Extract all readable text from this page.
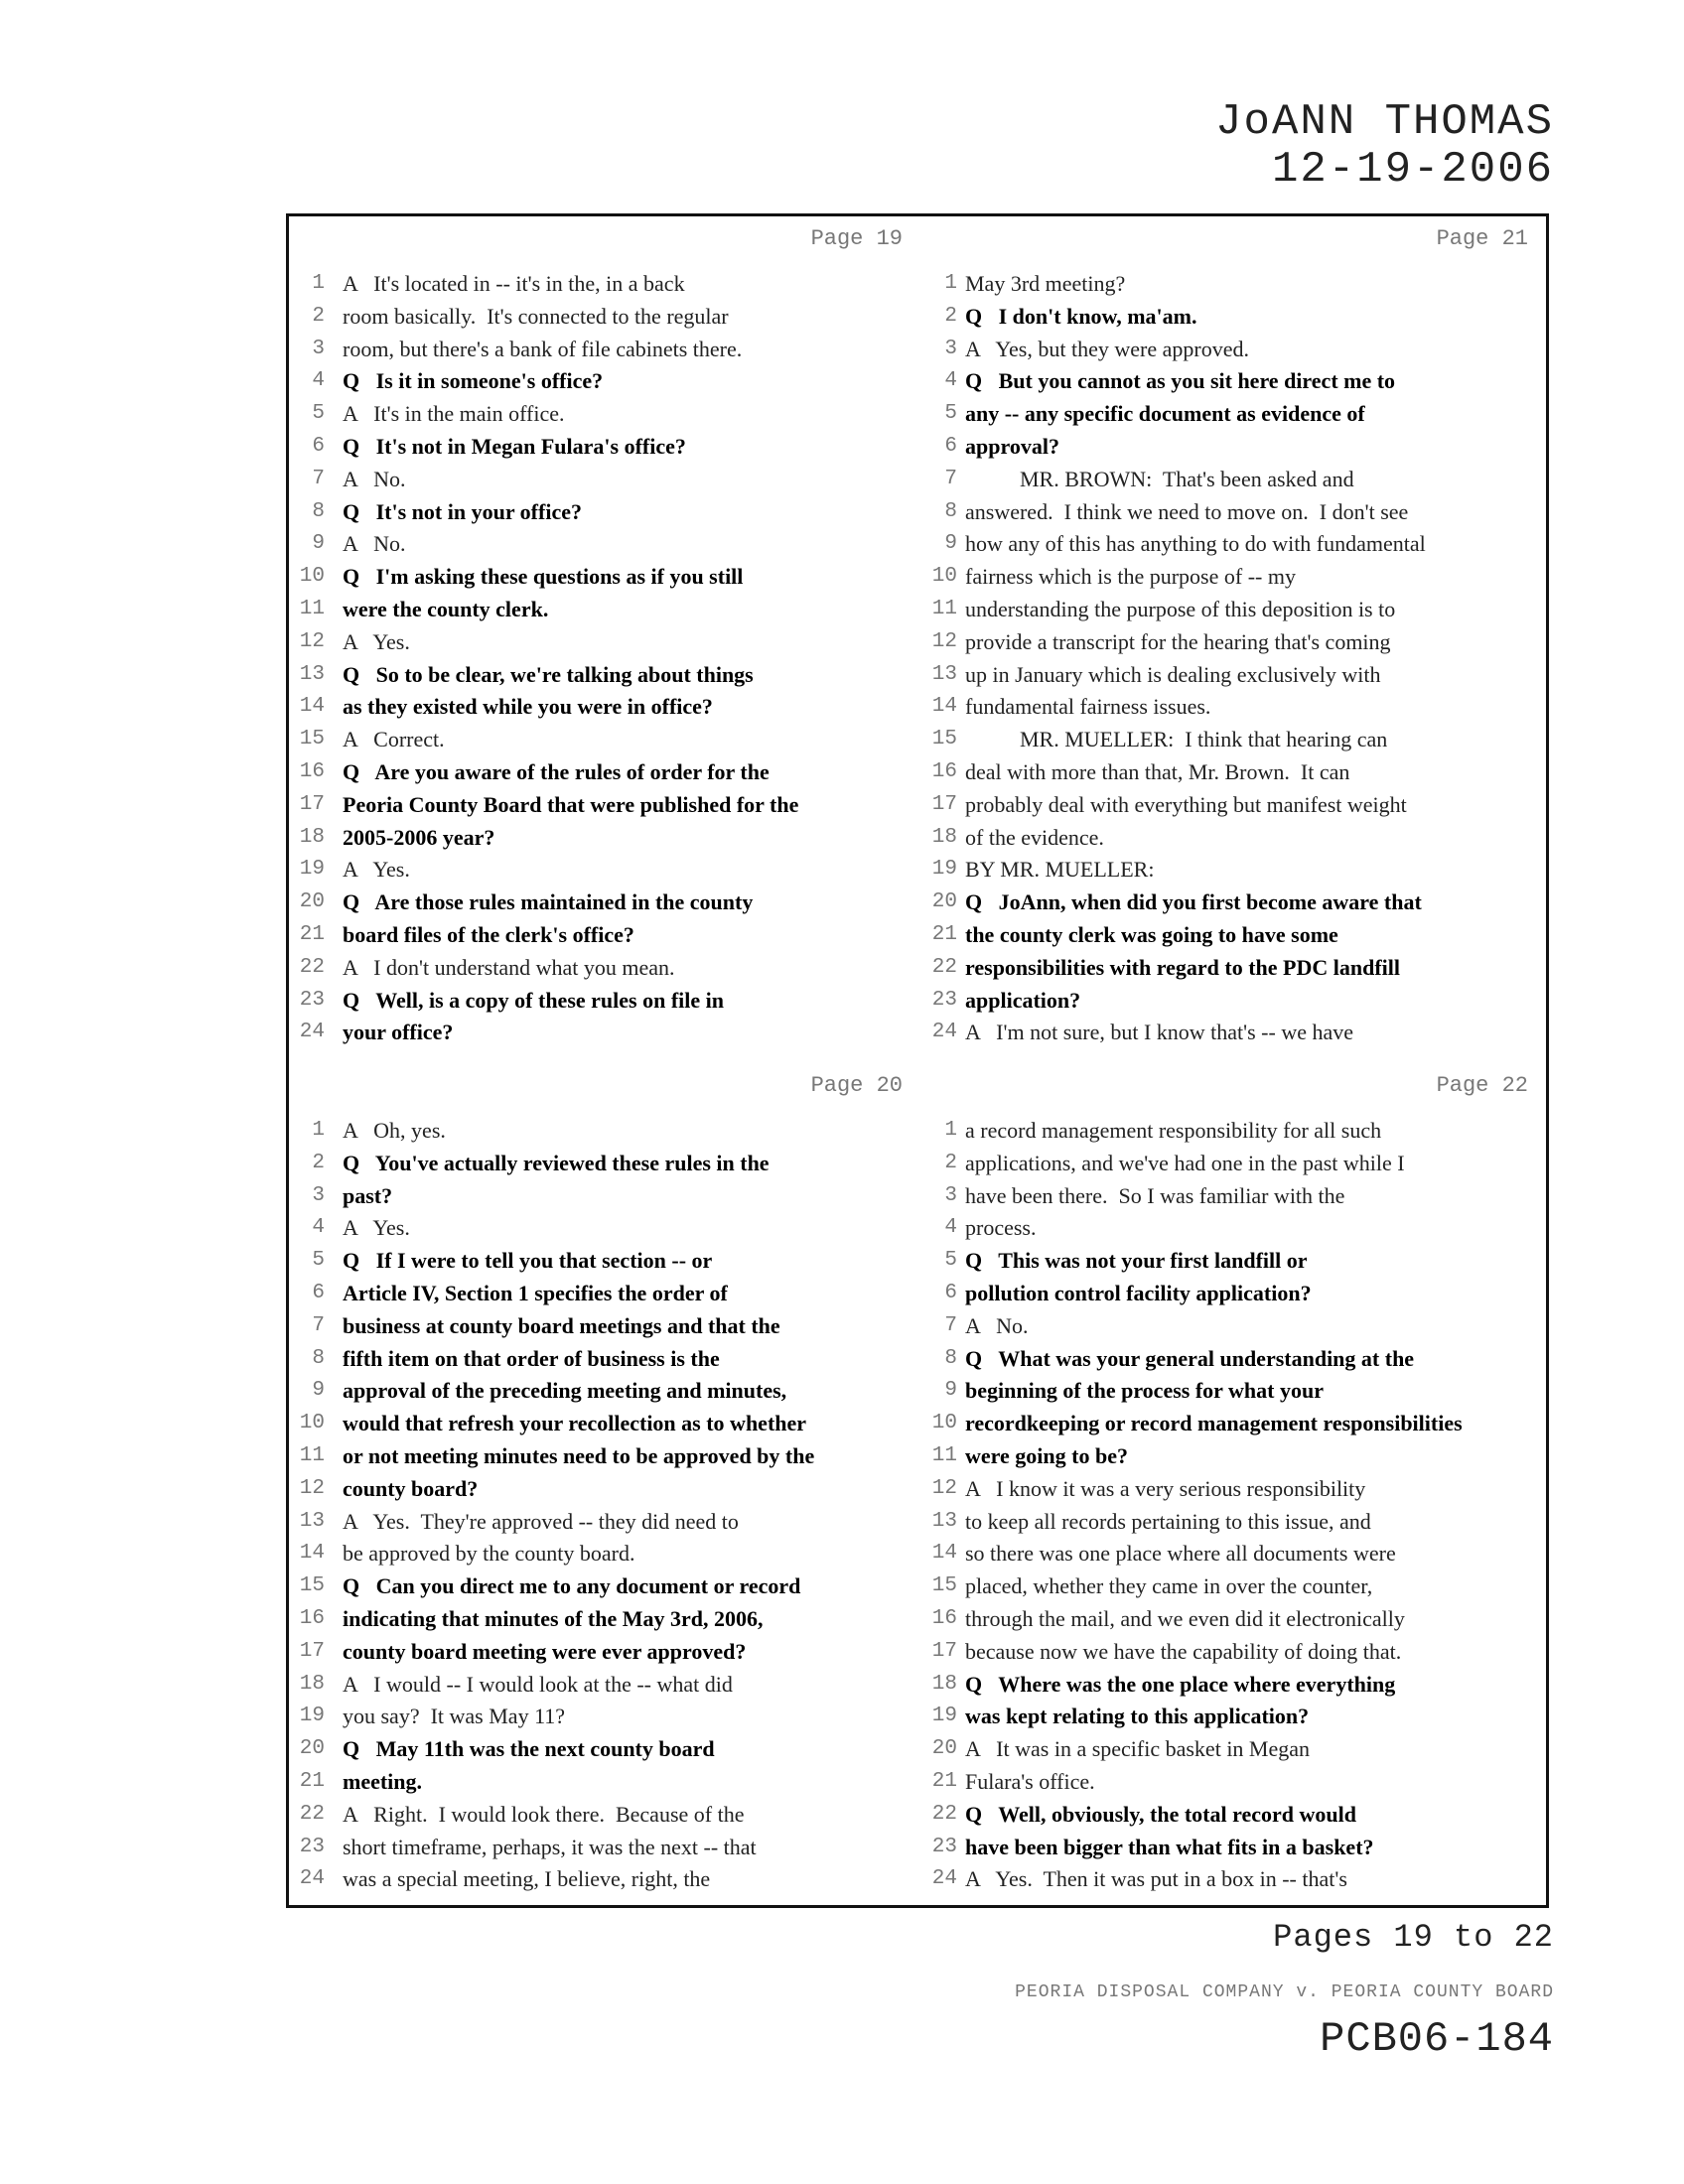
JoANN THOMAS
12-19-2006
Page 19
1 A   It's located in -- it's in the, in a back
2 room basically.  It's connected to the regular
3 room, but there's a bank of file cabinets there.
4 Q   Is it in someone's office?
5 A   It's in the main office.
6 Q   It's not in Megan Fulara's office?
7 A   No.
8 Q   It's not in your office?
9 A   No.
10 Q   I'm asking these questions as if you still
11 were the county clerk.
12 A   Yes.
13 Q   So to be clear, we're talking about things
14 as they existed while you were in office?
15 A   Correct.
16 Q   Are you aware of the rules of order for the
17 Peoria County Board that were published for the
18 2005-2006 year?
19 A   Yes.
20 Q   Are those rules maintained in the county
21 board files of the clerk's office?
22 A   I don't understand what you mean.
23 Q   Well, is a copy of these rules on file in
24 your office?
Page 21
1 May 3rd meeting?
2 Q   I don't know, ma'am.
3 A   Yes, but they were approved.
4 Q   But you cannot as you sit here direct me to
5 any -- any specific document as evidence of
6 approval?
7 MR. BROWN:  That's been asked and
8 answered.  I think we need to move on.  I don't see
9 how any of this has anything to do with fundamental
10 fairness which is the purpose of -- my
11 understanding the purpose of this deposition is to
12 provide a transcript for the hearing that's coming
13 up in January which is dealing exclusively with
14 fundamental fairness issues.
15 MR. MUELLER:  I think that hearing can
16 deal with more than that, Mr. Brown.  It can
17 probably deal with everything but manifest weight
18 of the evidence.
19 BY MR. MUELLER:
20 Q   JoAnn, when did you first become aware that
21 the county clerk was going to have some
22 responsibilities with regard to the PDC landfill
23 application?
24 A   I'm not sure, but I know that's -- we have
Page 20
1 A   Oh, yes.
2 Q   You've actually reviewed these rules in the
3 past?
4 A   Yes.
5 Q   If I were to tell you that section -- or
6 Article IV, Section 1 specifies the order of
7 business at county board meetings and that the
8 fifth item on that order of business is the
9 approval of the preceding meeting and minutes,
10 would that refresh your recollection as to whether
11 or not meeting minutes need to be approved by the
12 county board?
13 A   Yes.  They're approved -- they did need to
14 be approved by the county board.
15 Q   Can you direct me to any document or record
16 indicating that minutes of the May 3rd, 2006,
17 county board meeting were ever approved?
18 A   I would -- I would look at the -- what did
19 you say?  It was May 11?
20 Q   May 11th was the next county board
21 meeting.
22 A   Right.  I would look there.  Because of the
23 short timeframe, perhaps, it was the next -- that
24 was a special meeting, I believe, right, the
Page 22
1 a record management responsibility for all such
2 applications, and we've had one in the past while I
3 have been there.  So I was familiar with the
4 process.
5 Q   This was not your first landfill or
6 pollution control facility application?
7 A   No.
8 Q   What was your general understanding at the
9 beginning of the process for what your
10 recordkeeping or record management responsibilities
11 were going to be?
12 A   I know it was a very serious responsibility
13 to keep all records pertaining to this issue, and
14 so there was one place where all documents were
15 placed, whether they came in over the counter,
16 through the mail, and we even did it electronically
17 because now we have the capability of doing that.
18 Q   Where was the one place where everything
19 was kept relating to this application?
20 A   It was in a specific basket in Megan
21 Fulara's office.
22 Q   Well, obviously, the total record would
23 have been bigger than what fits in a basket?
24 A   Yes.  Then it was put in a box in -- that's
Pages 19 to 22
PEORIA DISPOSAL COMPANY v. PEORIA COUNTY BOARD
PCB06-184
